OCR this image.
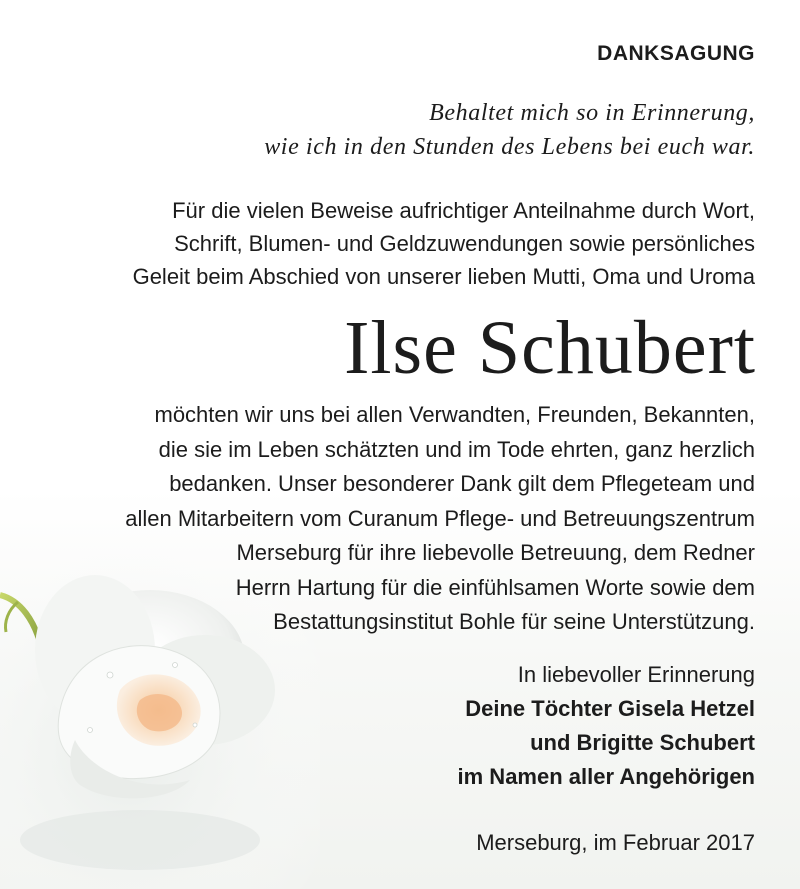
DANKSAGUNG
Behaltet mich so in Erinnerung,
wie ich in den Stunden des Lebens bei euch war.
Für die vielen Beweise aufrichtiger Anteilnahme durch Wort,
Schrift, Blumen- und Geldzuwendungen sowie persönliches
Geleit beim Abschied von unserer lieben Mutti, Oma und Uroma
Ilse Schubert
möchten wir uns bei allen Verwandten, Freunden, Bekannten,
die sie im Leben schätzten und im Tode ehrten, ganz herzlich
bedanken. Unser besonderer Dank gilt dem Pflegeteam und
allen Mitarbeitern vom Curanum Pflege- und Betreuungszentrum
Merseburg für ihre liebevolle Betreuung, dem Redner
Herrn Hartung für die einfühlsamen Worte sowie dem
Bestattungsinstitut Bohle für seine Unterstützung.
In liebevoller Erinnerung
Deine Töchter Gisela Hetzel
und Brigitte Schubert
im Namen aller Angehörigen
Merseburg, im Februar 2017
